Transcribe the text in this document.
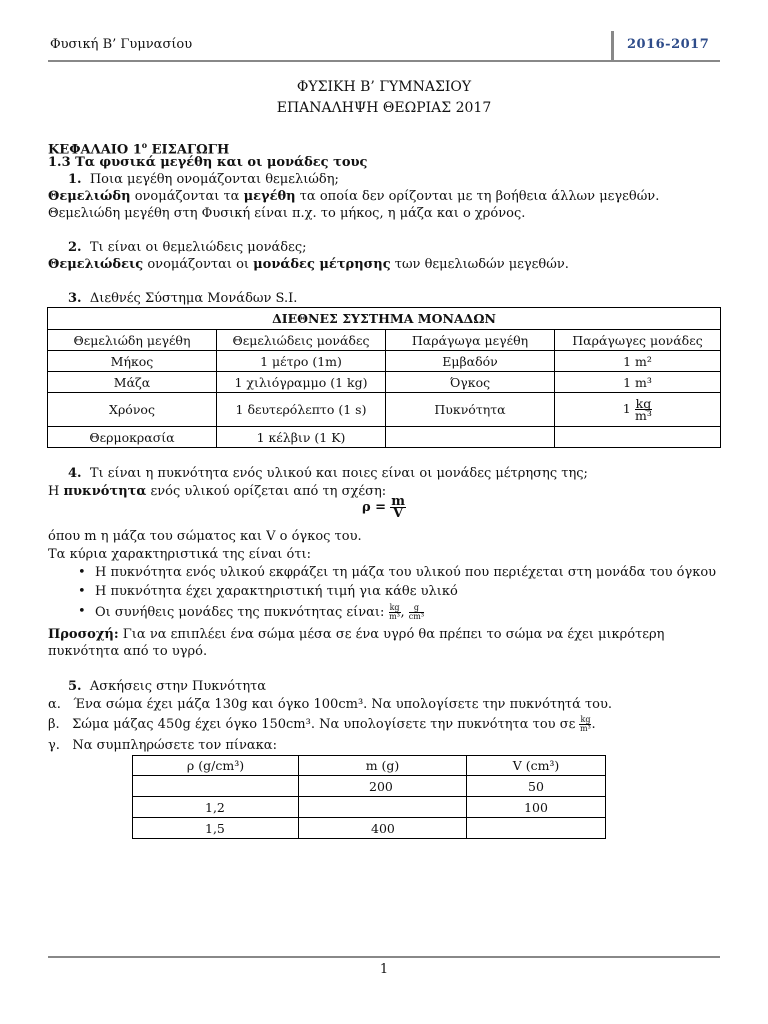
Φυσική Β’ Γυμνασίου	2016-2017
ΦΥΣΙΚΗ Β’ ΓΥΜΝΑΣΙΟΥ
ΕΠΑΝΑΛΗΨΗ ΘΕΩΡΙΑΣ 2017
ΚΕΦΑΛΑΙΟ $1^o$ ΕΙΣΑΓΩΓΗ
1.3 Τα φυσικά μεγέθη και οι μονάδες τους
1. Ποια μεγέθη ονομάζονται θεμελιώδη;
Θεμελιώδη ονομάζονται τα μεγέθη τα οποία δεν ορίζονται με τη βοήθεια άλλων μεγεθών.
Θεμελιώδη μεγέθη στη Φυσική είναι π.χ. το μήκος, η μάζα και ο χρόνος.
2. Τι είναι οι θεμελιώδεις μονάδες;
Θεμελιώδεις ονομάζονται οι μονάδες μέτρησης των θεμελιωδών μεγεθών.
3. Διεθνές Σύστημα Μονάδων S.I.
ΔΙΕΘΝΕΣ ΣΥΣΤΗΜΑ ΜΟΝΑΔΩΝ			
Θεμελιώδη μεγέθη	Θεμελιώδεις μονάδες	Παράγωγα μεγέθη	Παράγωγες μονάδες
Μήκος	1 μέτρο (1m)	Εμβαδόν	1 m²
Μάζα	1 χιλιόγραμμο (1 kg)	Όγκος	1 m³
Χρόνος	1 δευτερόλεπτο (1 s)	Πυκνότητα	$1 \frac{kg}{\text{m³}}$

Θερμοκρασία	1 κέλβιν (1 K)		
4. Τι είναι η πυκνότητα ενός υλικού και ποιες είναι οι μονάδες μέτρησης της;
Η πυκνότητα ενός υλικού ορίζεται από τη σχέση:
$\rho = \frac{m}{V}$
όπου m η μάζα του σώματος και V ο όγκος του.
Τα κύρια χαρακτηριστικά της είναι ότι:
• Η πυκνότητα ενός υλικού εκφράζει τη μάζα του υλικού που περιέχεται στη μονάδα του όγκου
• Η πυκνότητα έχει χαρακτηριστική τιμή για κάθε υλικό
• Οι συνήθεις μονάδες της πυκνότητας είναι: $\frac{kg}{\text{m³}}$ , $\frac{g}{\text{cm³}}$
Προσοχή: Για να επιπλέει ένα σώμα μέσα σε ένα υγρό θα πρέπει το σώμα να έχει μικρότερη
πυκνότητα από το υγρό.
5. Ασκήσεις στην Πυκνότητα
α. Ένα σώμα έχει μάζα 130g και όγκο 100cm³. Να υπολογίσετε την πυκνότητά του.
β. Σώμα μάζας 450g έχει όγκο 150cm³. Να υπολογίσετε την πυκνότητα του σε $\frac{kg}{\text{m³}}$ .
γ. Να συμπληρώσετε τον πίνακα:
ρ (g/cm³)	m (g)	V (cm³)
	200	50
1,2		100
1,5	400	
1
